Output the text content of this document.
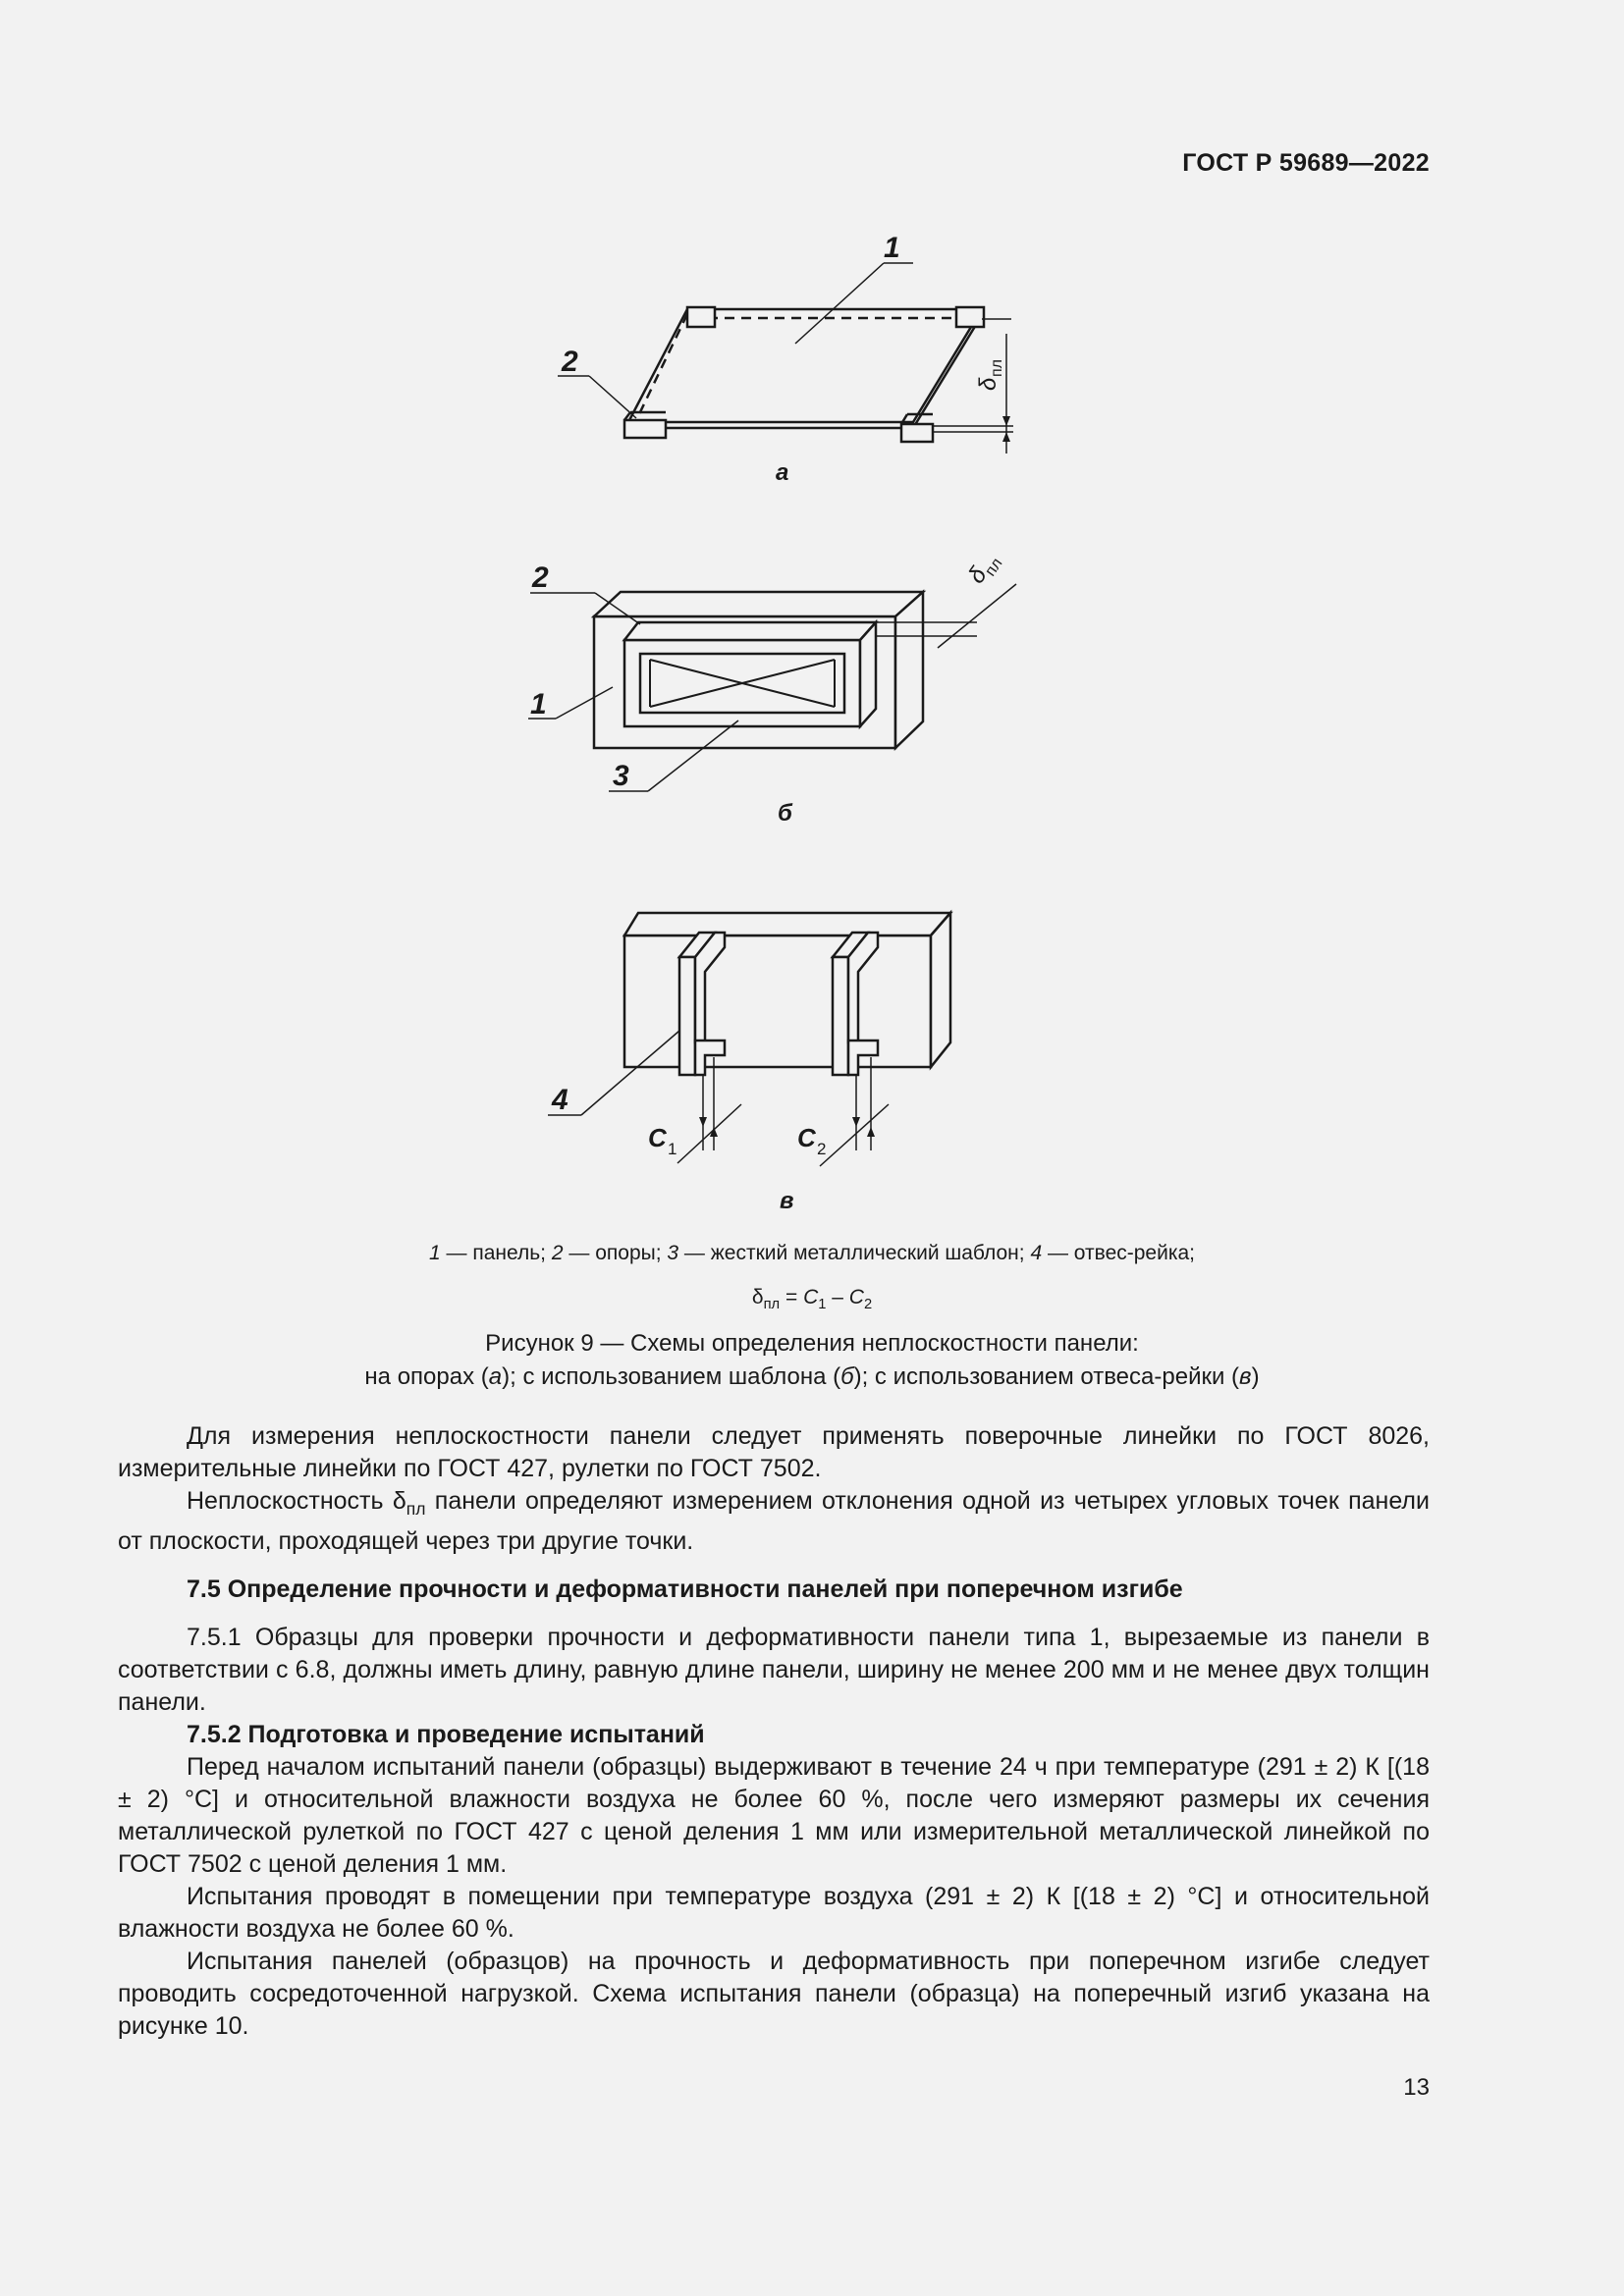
ГОСТ Р 59689—2022
1
2
2
1
3
4
δ
пл
δ
пл
C 1	C 2
а
б
в
1 — панель; 2 — опоры; 3 — жесткий металлический шаблон; 4 — отвес-рейка;
$\delta_{пл} = C_1 - C_2$
Рисунок 9 — Схемы определения неплоскостности панели:
на опорах (а); с использованием шаблона (б); с использованием отвеса-рейки (в)

Для измерения неплоскостности панели следует применять поверочные линейки по ГОСТ 8026, измерительные линейки по ГОСТ 427, рулетки по ГОСТ 7502.

Неплоскостность $\delta_{пл}$ панели определяют измерением отклонения одной из четырех угловых точек панели от плоскости, проходящей через три другие точки.

7.5 Определение прочности и деформативности панелей при поперечном изгибе

7.5.1 Образцы для проверки прочности и деформативности панели типа 1, вырезаемые из панели в соответствии с 6.8, должны иметь длину, равную длине панели, ширину не менее 200 мм и не менее двух толщин панели.

7.5.2 Подготовка и проведение испытаний

Перед началом испытаний панели (образцы) выдерживают в течение 24 ч при температуре (291 ± 2) К [(18 ± 2) °С] и относительной влажности воздуха не более 60 %, после чего измеряют размеры их сечения металлической рулеткой по ГОСТ 427 с ценой деления 1 мм или измерительной металлической линейкой по ГОСТ 7502 с ценой деления 1 мм.

Испытания проводят в помещении при температуре воздуха (291 ± 2) К [(18 ± 2) °С] и относительной влажности воздуха не более 60 %.

Испытания панелей (образцов) на прочность и деформативность при поперечном изгибе следует проводить сосредоточенной нагрузкой. Схема испытания панели (образца) на поперечный изгиб указана на рисунке 10.

13
